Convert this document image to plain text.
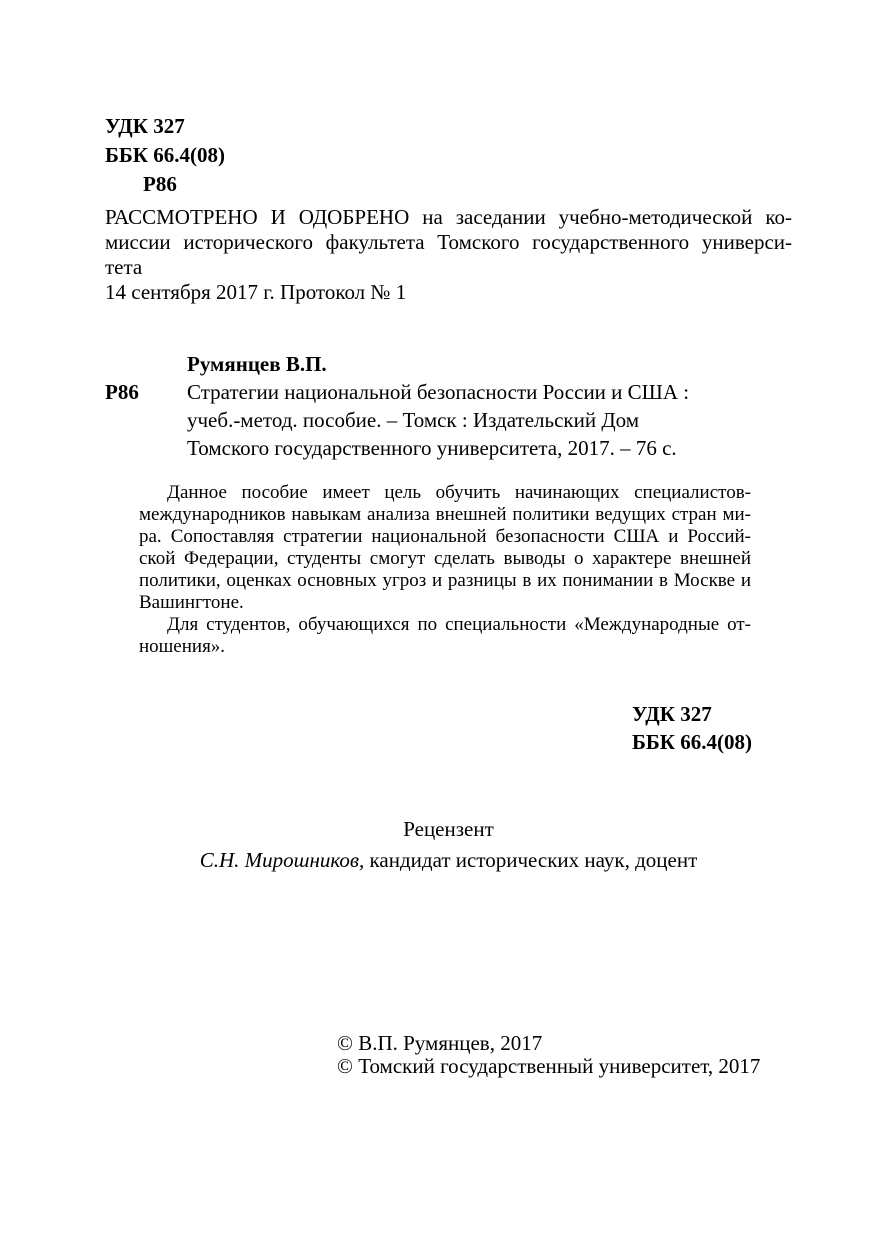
УДК 327
ББК 66.4(08)
Р86
РАССМОТРЕНО И ОДОБРЕНО на заседании учебно-методической ко-
миссии исторического факультета Томского государственного универси-
тета
14 сентября 2017 г. Протокол № 1
Р86
Румянцев В.П.
Стратегии национальной безопасности России и США :
учеб.-метод. пособие. – Томск : Издательский Дом
Томского государственного университета, 2017. – 76 с.
Данное пособие имеет цель обучить начинающих специалистов-
международников навыкам анализа внешней политики ведущих стран ми-
ра. Сопоставляя стратегии национальной безопасности США и Россий-
ской Федерации, студенты смогут сделать выводы о характере внешней
политики, оценках основных угроз и разницы в их понимании в Москве и
Вашингтоне.
Для студентов, обучающихся по специальности «Международные от-
ношения».
УДК 327
ББК 66.4(08)
Рецензент
С.Н. Мирошников, кандидат исторических наук, доцент
© В.П. Румянцев, 2017
© Томский государственный университет, 2017
